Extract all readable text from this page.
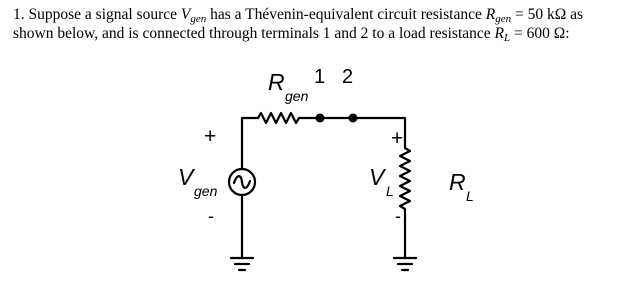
1. Suppose a signal source $V_{gen}$ has a Thévenin-equivalent circuit resistance $R_{gen} = 50$ kΩ as
shown below, and is connected through terminals 1 and 2 to a load resistance $R_L = 600$ Ω:
R
gen
1 2
+
V
gen
-
+
V
L
-
R
L
